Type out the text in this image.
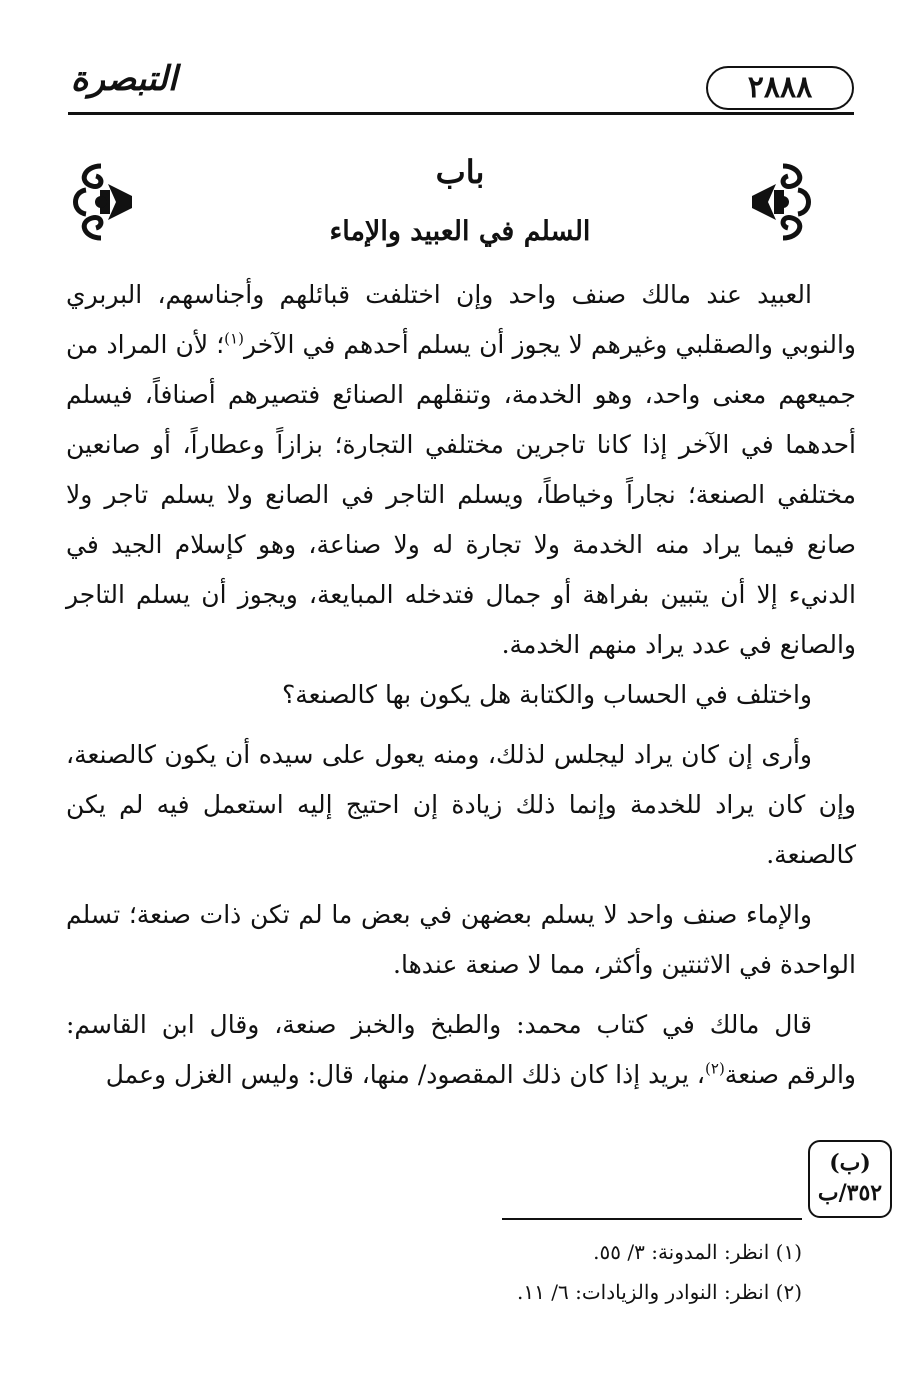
التبصرة	٢٨٨٨
باب
السلم في العبيد والإماء

العبيد عند مالك صنف واحد وإن اختلفت قبائلهم وأجناسهم، البربري والنوبي والصقلبي وغيرهم لا يجوز أن يسلم أحدهم في الآخر$^{(١)}$؛ لأن المراد من جميعهم معنى واحد، وهو الخدمة، وتنقلهم الصنائع فتصيرهم أصنافاً، فيسلم أحدهما في الآخر إذا كانا تاجرين مختلفي التجارة؛ بزازاً وعطاراً، أو صانعين مختلفي الصنعة؛ نجاراً وخياطاً، ويسلم التاجر في الصانع ولا يسلم تاجر ولا صانع فيما يراد منه الخدمة ولا تجارة له ولا صناعة، وهو كإسلام الجيد في الدنيء إلا أن يتبين بفراهة أو جمال فتدخله المبايعة، ويجوز أن يسلم التاجر والصانع في عدد يراد منهم الخدمة.

واختلف في الحساب والكتابة هل يكون بها كالصنعة؟

وأرى إن كان يراد ليجلس لذلك، ومنه يعول على سيده أن يكون كالصنعة، وإن كان يراد للخدمة وإنما ذلك زيادة إن احتيج إليه استعمل فيه لم يكن كالصنعة.

والإماء صنف واحد لا يسلم بعضهن في بعض ما لم تكن ذات صنعة؛ تسلم الواحدة في الاثنتين وأكثر، مما لا صنعة عندها.

قال مالك في كتاب محمد: والطبخ والخبز صنعة، وقال ابن القاسم: والرقم صنعة$^{(٢)}$، يريد إذا كان ذلك المقصود/ منها، قال: وليس الغزل وعمل

(ب)
٣٥٢/ب
(١) انظر: المدونة: ٣/ ٥٥.
(٢) انظر: النوادر والزيادات: ٦/ ١١.
